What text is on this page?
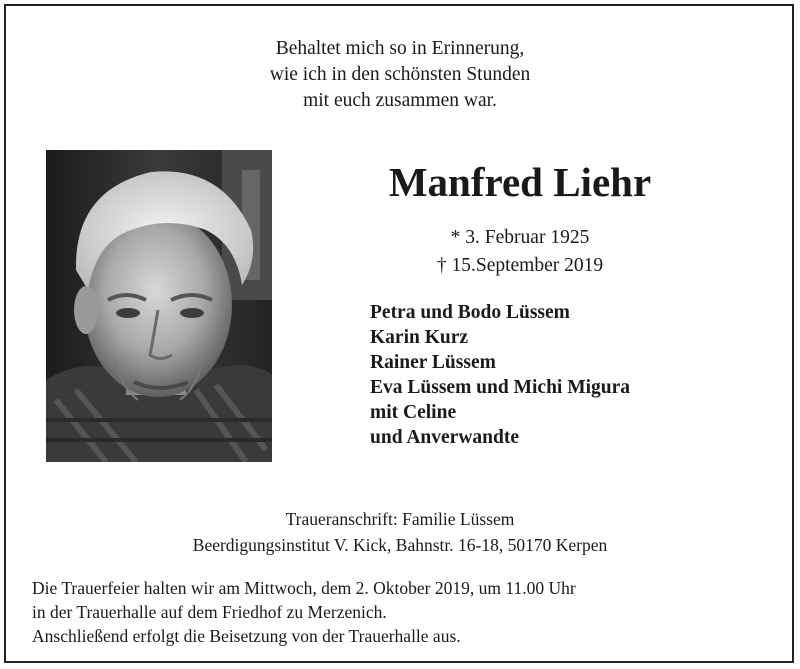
Behaltet mich so in Erinnerung,
wie ich in den schönsten Stunden
mit euch zusammen war.
Manfred Liehr
* 3. Februar 1925
† 15.September 2019
Petra und Bodo Lüssem
Karin Kurz
Rainer Lüssem
Eva Lüssem und Michi Migura
mit Celine
und Anverwandte
Traueranschrift: Familie Lüssem
Beerdigungsinstitut V. Kick, Bahnstr. 16-18, 50170 Kerpen
Die Trauerfeier halten wir am Mittwoch, dem 2. Oktober 2019, um 11.00 Uhr
in der Trauerhalle auf dem Friedhof zu Merzenich.
Anschließend erfolgt die Beisetzung von der Trauerhalle aus.
